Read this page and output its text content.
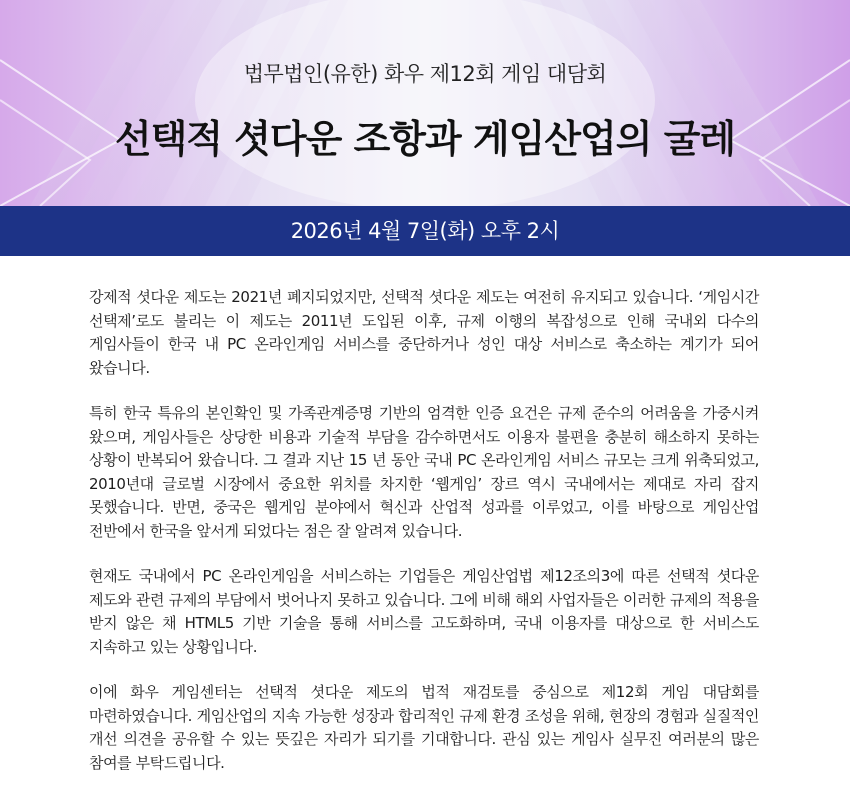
법무법인(유한) 화우 제12회 게임 대담회
선택적 셧다운 조항과 게임산업의 굴레
2026년 4월 7일(화) 오후 2시

강제적 셧다운 제도는 2021년 폐지되었지만, 선택적 셧다운 제도는 여전히 유지되고 있습니다. ‘게임시간 선택제’로도 불리는 이 제도는 2011년 도입된 이후, 규제 이행의 복잡성으로 인해 국내외 다수의 게임사들이 한국 내 PC 온라인게임 서비스를 중단하거나 성인 대상 서비스로 축소하는 계기가 되어 왔습니다.

특히 한국 특유의 본인확인 및 가족관계증명 기반의 엄격한 인증 요건은 규제 준수의 어려움을 가중시켜 왔으며, 게임사들은 상당한 비용과 기술적 부담을 감수하면서도 이용자 불편을 충분히 해소하지 못하는 상황이 반복되어 왔습니다. 그 결과 지난 15 년 동안 국내 PC 온라인게임 서비스 규모는 크게 위축되었고, 2010년대 글로벌 시장에서 중요한 위치를 차지한 ‘웹게임’ 장르 역시 국내에서는 제대로 자리 잡지 못했습니다. 반면, 중국은 웹게임 분야에서 혁신과 산업적 성과를 이루었고, 이를 바탕으로 게임산업 전반에서 한국을 앞서게 되었다는 점은 잘 알려져 있습니다.

현재도 국내에서 PC 온라인게임을 서비스하는 기업들은 게임산업법 제12조의3에 따른 선택적 셧다운 제도와 관련 규제의 부담에서 벗어나지 못하고 있습니다. 그에 비해 해외 사업자들은 이러한 규제의 적용을 받지 않은 채 HTML5 기반 기술을 통해 서비스를 고도화하며, 국내 이용자를 대상으로 한 서비스도 지속하고 있는 상황입니다.

이에 화우 게임센터는 선택적 셧다운 제도의 법적 재검토를 중심으로 제12회 게임 대담회를 마련하였습니다. 게임산업의 지속 가능한 성장과 합리적인 규제 환경 조성을 위해, 현장의 경험과 실질적인 개선 의견을 공유할 수 있는 뜻깊은 자리가 되기를 기대합니다. 관심 있는 게임사 실무진 여러분의 많은 참여를 부탁드립니다.
